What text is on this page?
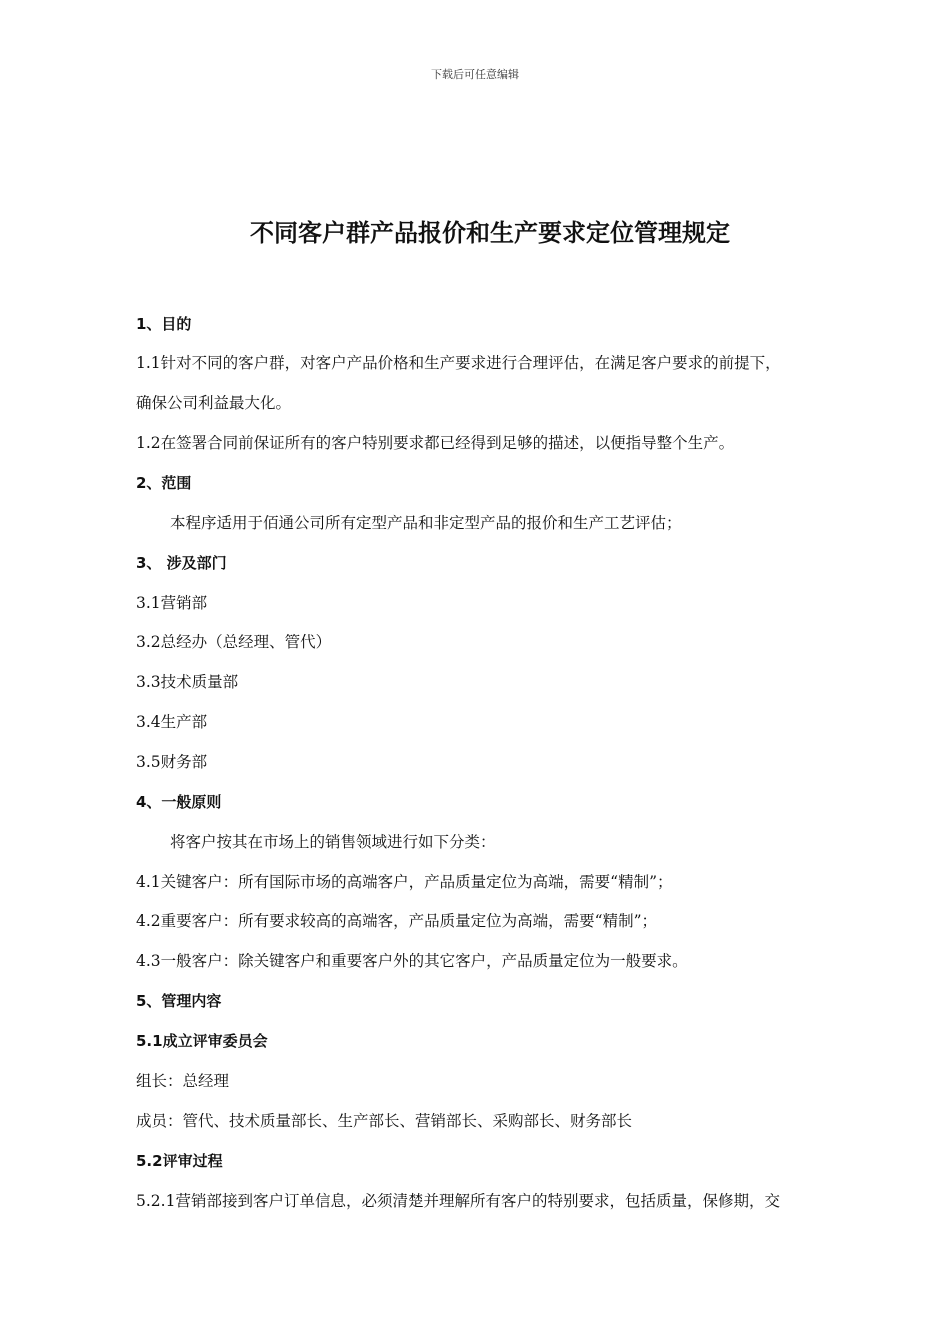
下载后可任意编辑
不同客户群产品报价和生产要求定位管理规定
1、目的
1.1针对不同的客户群，对客户产品价格和生产要求进行合理评估，在满足客户要求的前提下，
确保公司利益最大化。
1.2在签署合同前保证所有的客户特别要求都已经得到足够的描述，以便指导整个生产。
2、范围
本程序适用于佰通公司所有定型产品和非定型产品的报价和生产工艺评估；
3、 涉及部门
3.1营销部
3.2总经办（总经理、管代）
3.3技术质量部
3.4生产部
3.5财务部
4、一般原则
将客户按其在市场上的销售领域进行如下分类：
4.1关键客户：所有国际市场的高端客户，产品质量定位为高端，需要“精制”；
4.2重要客户：所有要求较高的高端客，产品质量定位为高端，需要“精制”；
4.3一般客户：除关键客户和重要客户外的其它客户，产品质量定位为一般要求。
5、管理内容
5.1成立评审委员会
组长：总经理
成员：管代、技术质量部长、生产部长、营销部长、采购部长、财务部长
5.2评审过程
5.2.1营销部接到客户订单信息，必须清楚并理解所有客户的特别要求，包括质量，保修期，交
